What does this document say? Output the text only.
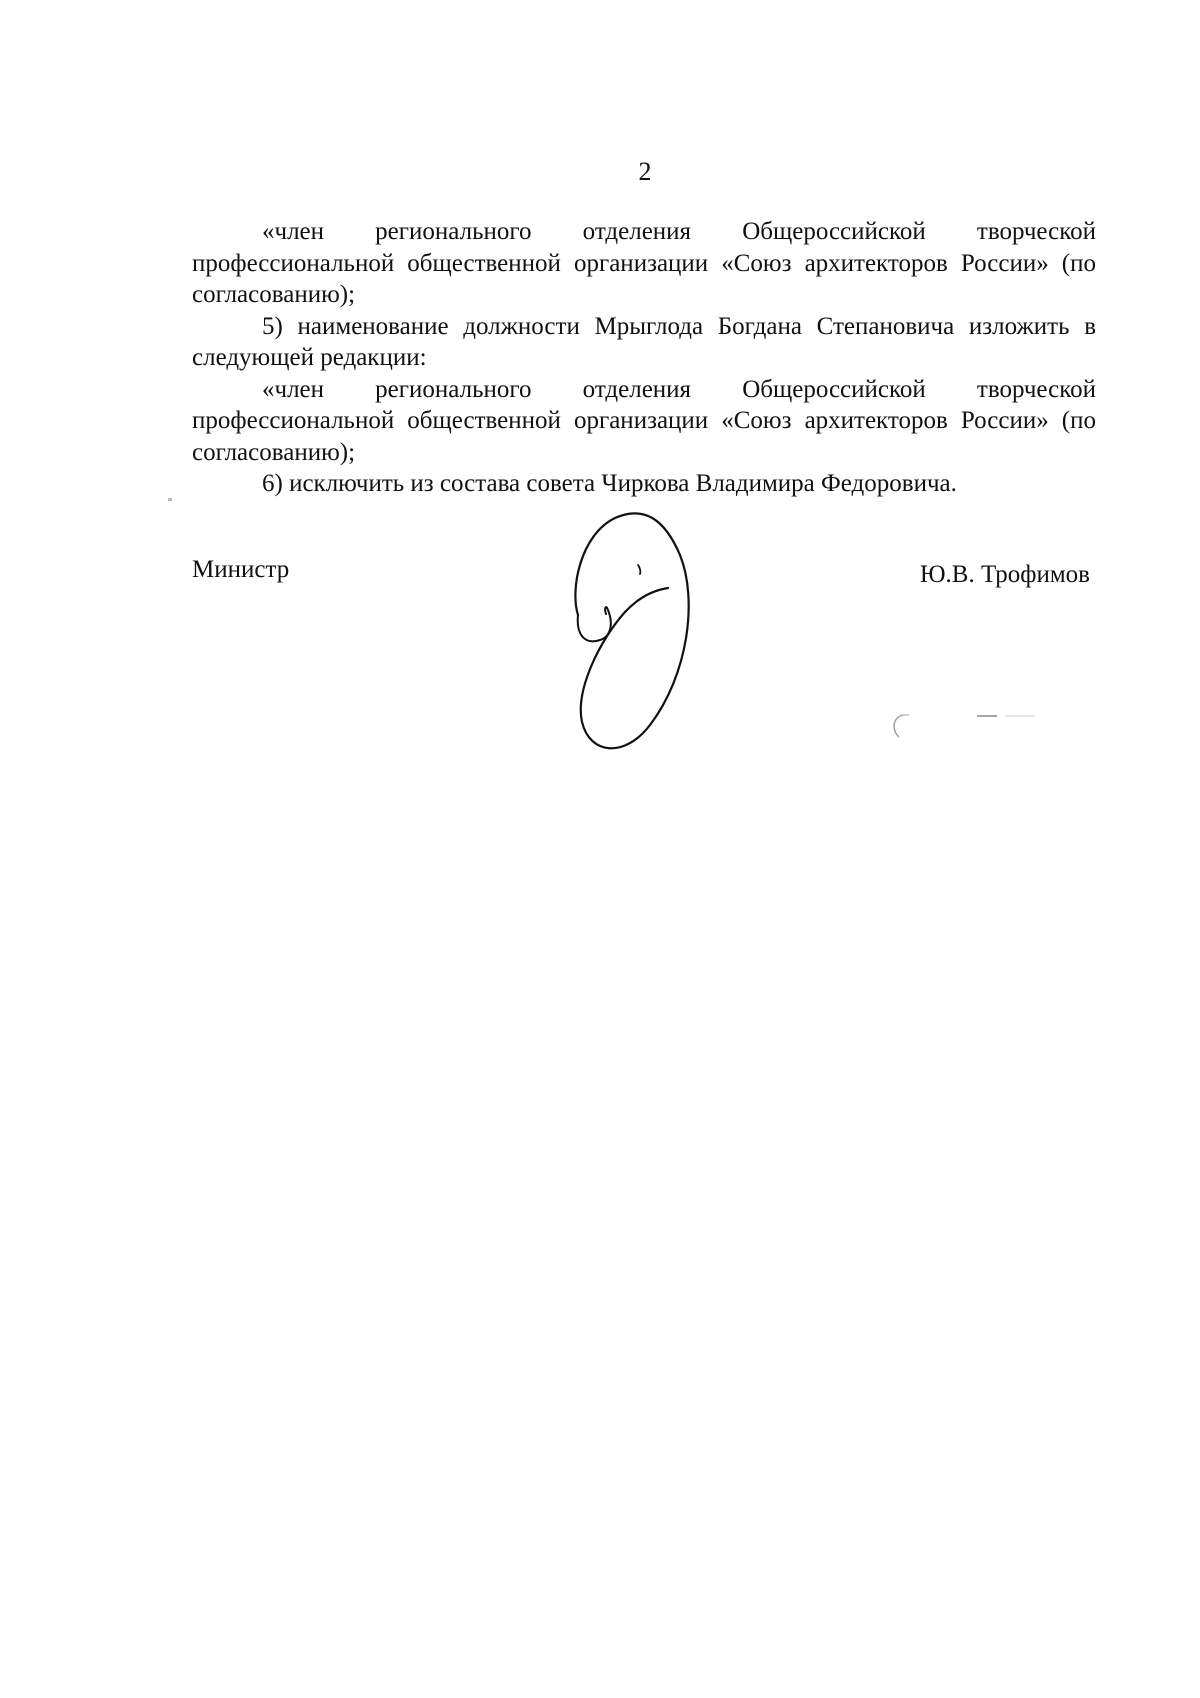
2

«член регионального отделения Общероссийской творческой профессиональной общественной организации «Союз архитекторов России» (по согласованию);

5) наименование должности Мрыглода Богдана Степановича изложить в следующей редакции:

«член регионального отделения Общероссийской творческой профессиональной общественной организации «Союз архитекторов России» (по согласованию);

6) исключить из состава совета Чиркова Владимира Федоровича.

Министр	Ю.В. Трофимов
